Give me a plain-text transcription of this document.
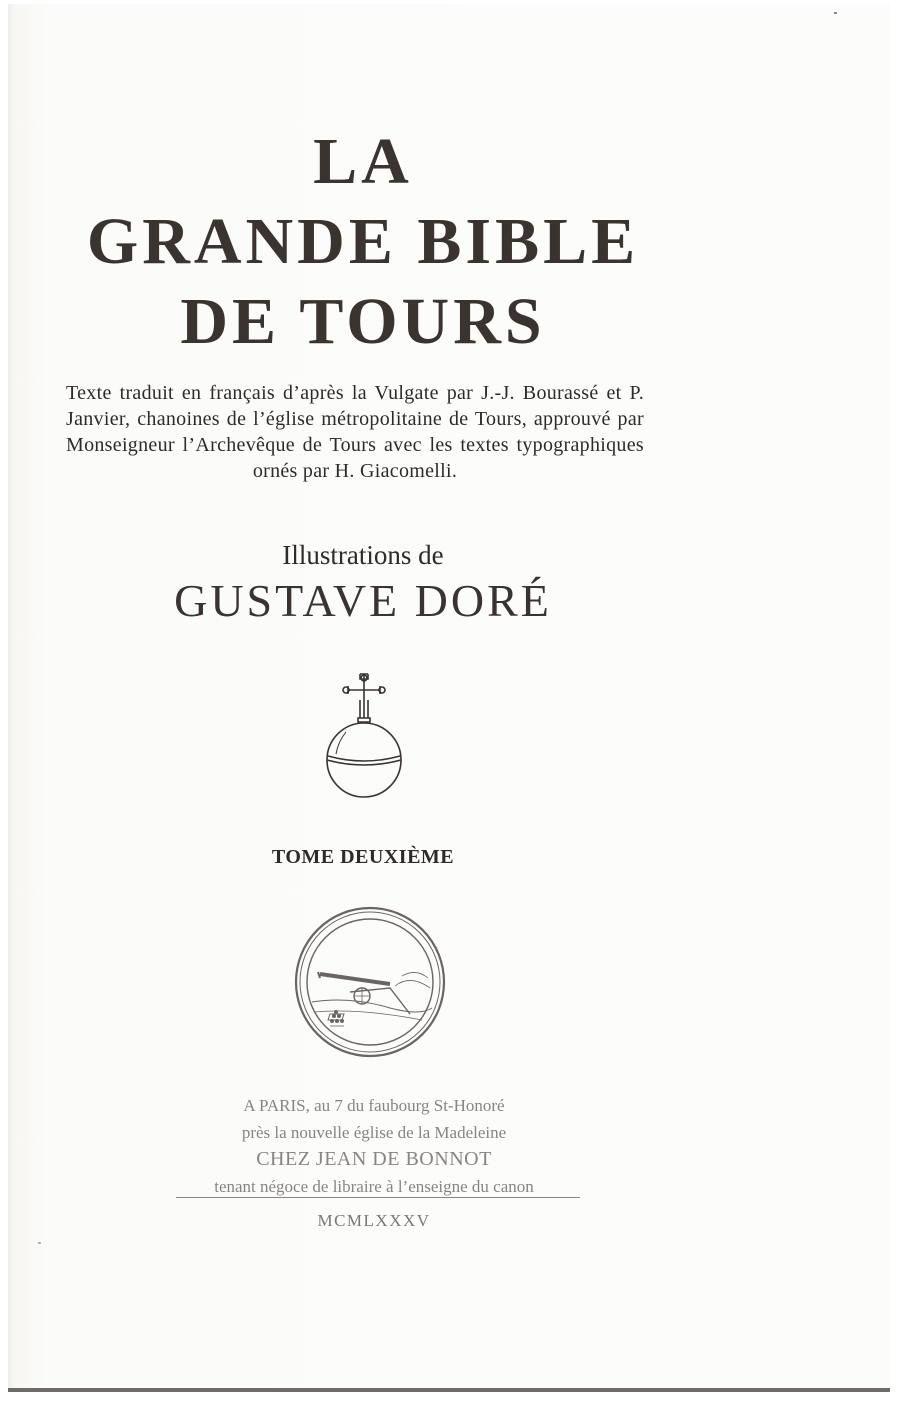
LA
GRANDE BIBLE
DE TOURS

Texte traduit en français d’après la Vulgate par J.-J. Bourassé et P. Janvier, chanoines de l’église métropolitaine de Tours, approuvé par Monseigneur l’Archevêque de Tours avec les textes typographiques ornés par H. Giacomelli.

Illustrations de
GUSTAVE DORÉ
TOME DEUXIÈME
A PARIS, au 7 du faubourg St-Honoré
près la nouvelle église de la Madeleine
CHEZ JEAN DE BONNOT
tenant négoce de libraire à l’enseigne du canon
MCMLXXXV
